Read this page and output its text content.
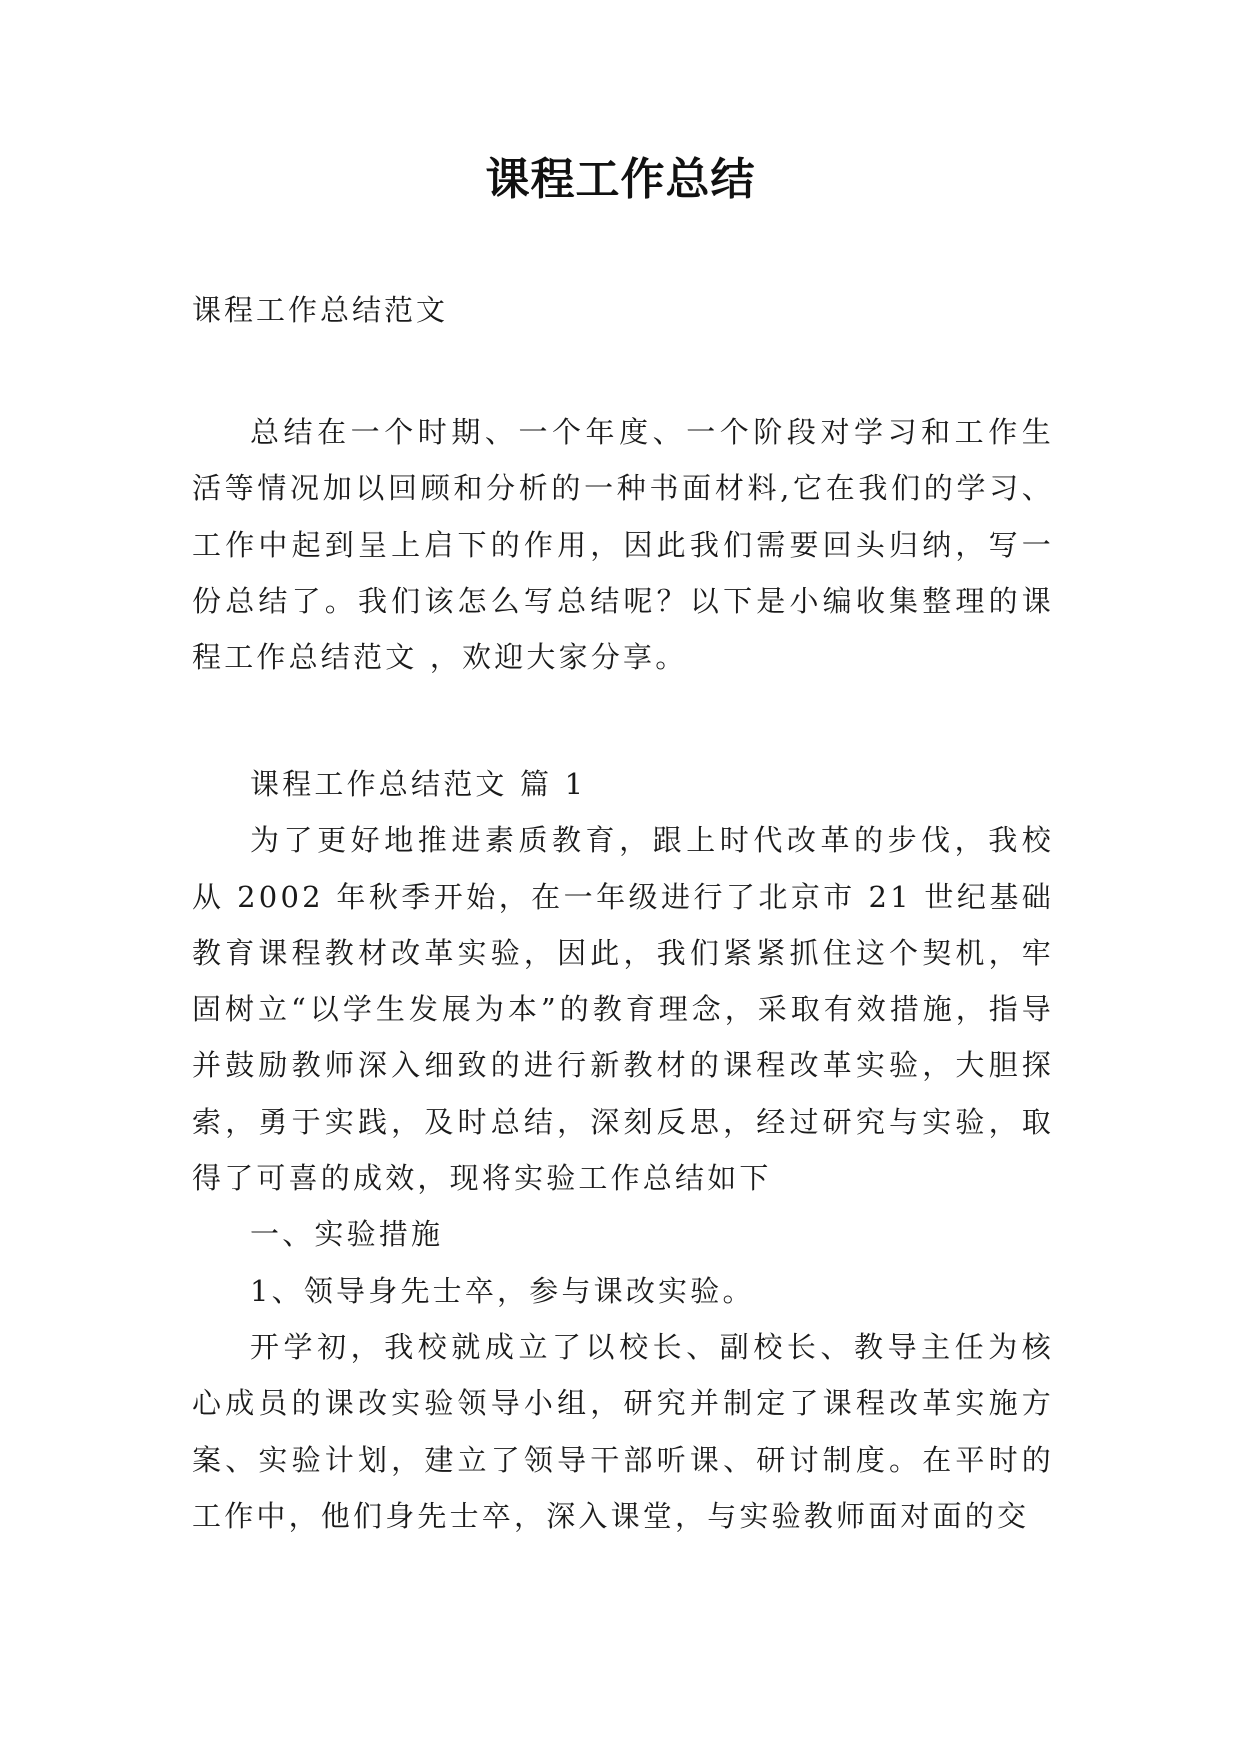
课程工作总结
课程工作总结范文

总结在一个时期、一个年度、一个阶段对学习和工作生活等情况加以回顾和分析的一种书面材料,它在我们的学习、工作中起到呈上启下的作用，因此我们需要回头归纳，写一份总结了。我们该怎么写总结呢？以下是小编收集整理的课程工作总结范文 ，欢迎大家分享。

课程工作总结范文 篇 1

为了更好地推进素质教育，跟上时代改革的步伐，我校从 2002 年秋季开始，在一年级进行了北京市 21 世纪基础教育课程教材改革实验，因此，我们紧紧抓住这个契机，牢固树立“以学生发展为本”的教育理念，采取有效措施，指导并鼓励教师深入细致的进行新教材的课程改革实验，大胆探索，勇于实践，及时总结，深刻反思，经过研究与实验，取得了可喜的成效，现将实验工作总结如下

一、实验措施

1、领导身先士卒，参与课改实验。

开学初，我校就成立了以校长、副校长、教导主任为核心成员的课改实验领导小组，研究并制定了课程改革实施方案、实验计划，建立了领导干部听课、研讨制度。在平时的工作中，他们身先士卒，深入课堂，与实验教师面对面的交
